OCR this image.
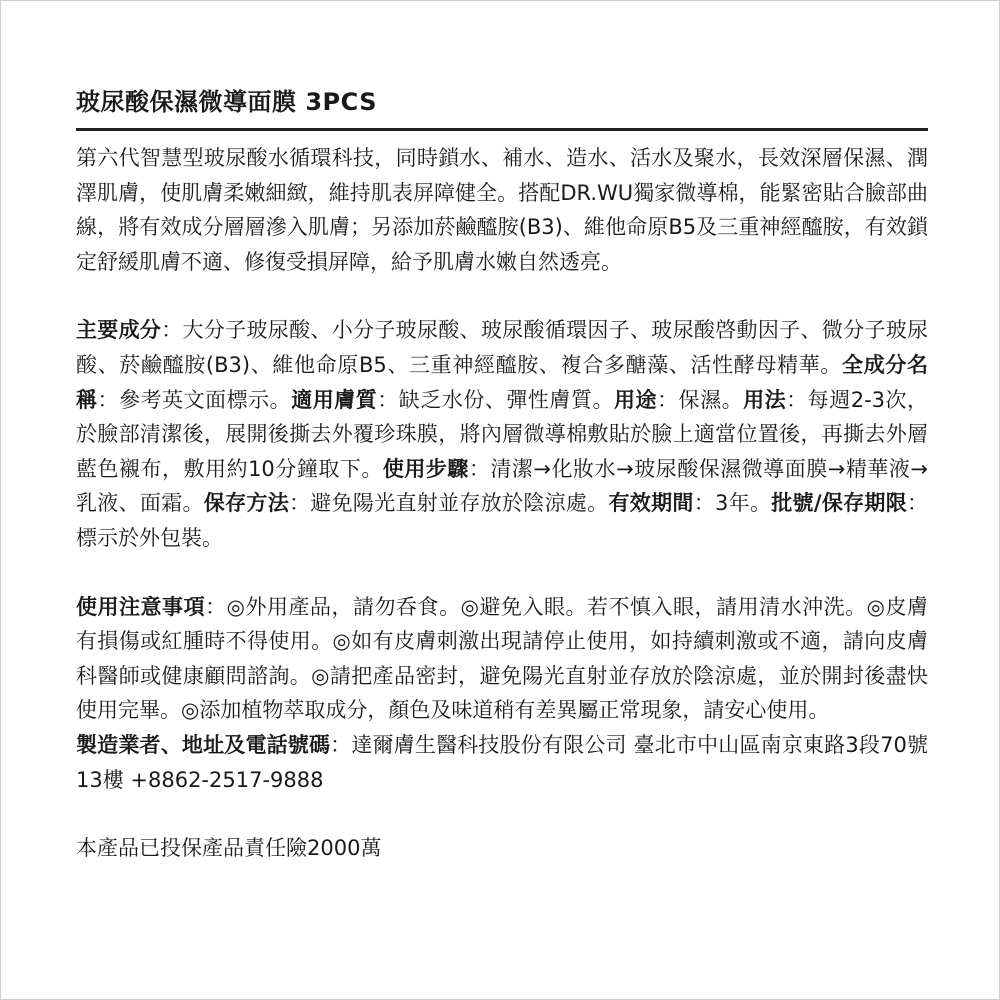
玻尿酸保濕微導面膜 3PCS

第六代智慧型玻尿酸水循環科技，同時鎖水、補水、造水、活水及聚水，長效深層保濕、潤澤肌膚，使肌膚柔嫩細緻，維持肌表屏障健全。搭配DR.WU獨家微導棉，能緊密貼合臉部曲線，將有效成分層層滲入肌膚；另添加菸鹼醯胺(B3)、維他命原B5及三重神經醯胺，有效鎖定舒緩肌膚不適、修復受損屏障，給予肌膚水嫩自然透亮。

主要成分：大分子玻尿酸、小分子玻尿酸、玻尿酸循環因子、玻尿酸啓動因子、微分子玻尿酸、菸鹼醯胺(B3)、維他命原B5、三重神經醯胺、複合多醣藻、活性酵母精華。全成分名稱：參考英文面標示。適用膚質：缺乏水份、彈性膚質。用途：保濕。用法：每週2-3次，於臉部清潔後，展開後撕去外覆珍珠膜，將內層微導棉敷貼於臉上適當位置後，再撕去外層藍色襯布，敷用約10分鐘取下。使用步驟：清潔→化妝水→玻尿酸保濕微導面膜→精華液→乳液、面霜。保存方法：避免陽光直射並存放於陰涼處。有效期間：3年。批號/保存期限：標示於外包裝。

使用注意事項：◎外用產品，請勿呑食。◎避免入眼。若不慎入眼，請用清水沖洗。◎皮膚有損傷或紅腫時不得使用。◎如有皮膚刺激出現請停止使用，如持續刺激或不適，請向皮膚科醫師或健康顧問諮詢。◎請把產品密封，避免陽光直射並存放於陰涼處，並於開封後盡快使用完畢。◎添加植物萃取成分，顏色及味道稍有差異屬正常現象，請安心使用。

製造業者、地址及電話號碼：達爾膚生醫科技股份有限公司 臺北市中山區南京東路3段70號13樓 +8862-2517-9888

本產品已投保產品責任險2000萬
